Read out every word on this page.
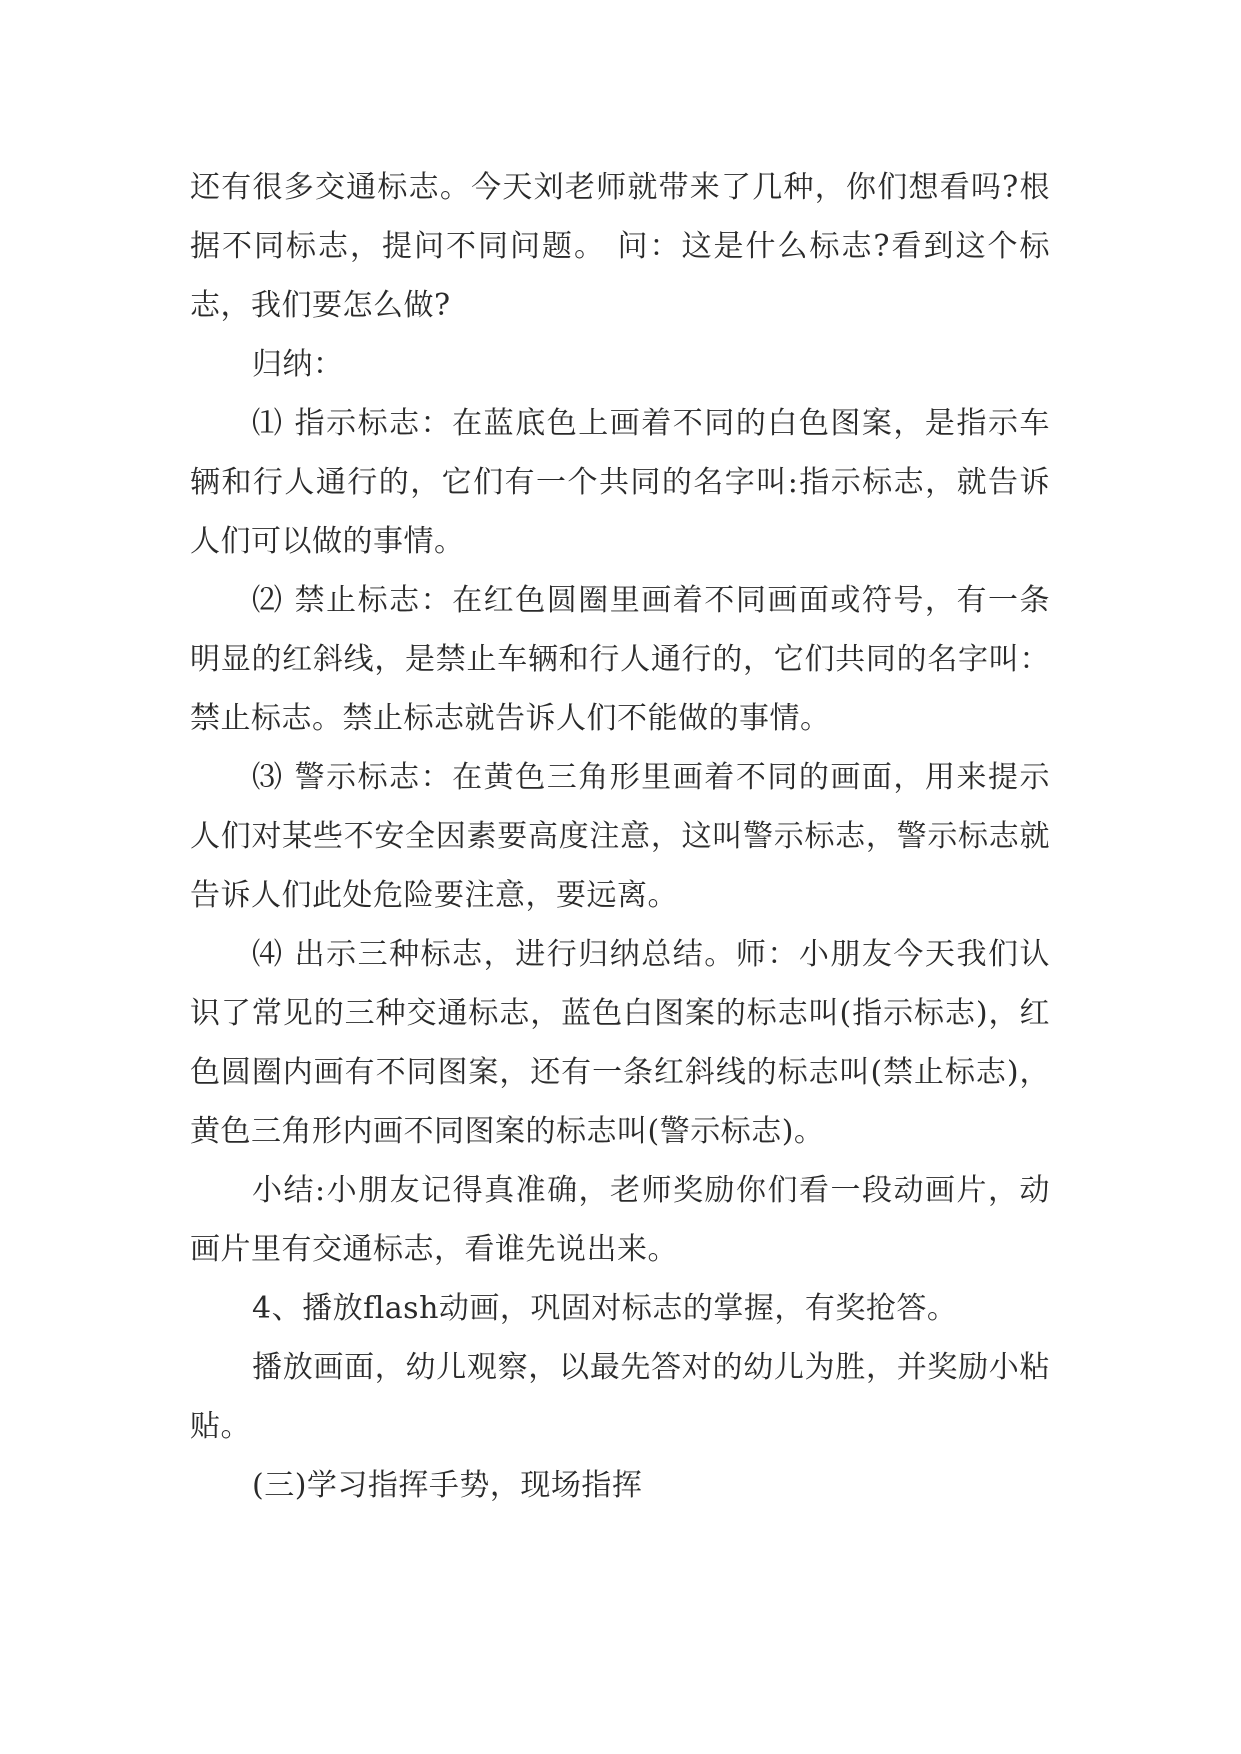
还有很多交通标志。今天刘老师就带来了几种，你们想看吗?根据不同标志，提问不同问题。 问：这是什么标志?看到这个标志，我们要怎么做?

归纳：

⑴ 指示标志：在蓝底色上画着不同的白色图案，是指示车辆和行人通行的，它们有一个共同的名字叫:指示标志，就告诉人们可以做的事情。

⑵ 禁止标志：在红色圆圈里画着不同画面或符号，有一条明显的红斜线，是禁止车辆和行人通行的，它们共同的名字叫：禁止标志。禁止标志就告诉人们不能做的事情。

⑶ 警示标志：在黄色三角形里画着不同的画面，用来提示人们对某些不安全因素要高度注意，这叫警示标志，警示标志就告诉人们此处危险要注意，要远离。

⑷ 出示三种标志，进行归纳总结。师：小朋友今天我们认识了常见的三种交通标志，蓝色白图案的标志叫(指示标志)，红色圆圈内画有不同图案，还有一条红斜线的标志叫(禁止标志)，黄色三角形内画不同图案的标志叫(警示标志)。

小结:小朋友记得真准确，老师奖励你们看一段动画片，动画片里有交通标志，看谁先说出来。

4、播放flash动画，巩固对标志的掌握，有奖抢答。

播放画面，幼儿观察，以最先答对的幼儿为胜，并奖励小粘贴。

(三)学习指挥手势，现场指挥
